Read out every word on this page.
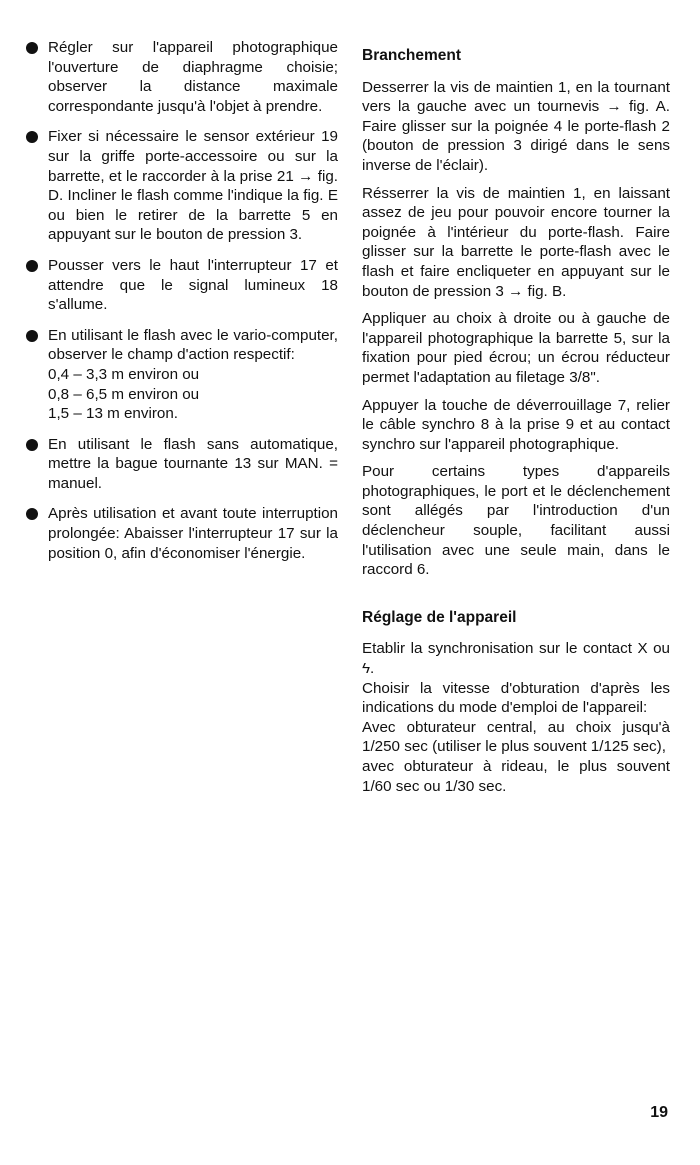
Régler sur l'appareil photographique l'ouverture de diaphragme choisie; observer la distance maximale correspondante jusqu'à l'objet à prendre.
Fixer si nécessaire le sensor extérieur 19 sur la griffe porte-accessoire ou sur la barrette, et le raccorder à la prise 21 → fig. D. Incliner le flash comme l'indique la fig. E ou bien le retirer de la barrette 5 en appuyant sur le bouton de pression 3.
Pousser vers le haut l'interrupteur 17 et attendre que le signal lumineux 18 s'allume.
En utilisant le flash avec le vario-computer, observer le champ d'action respectif:
0,4 – 3,3 m environ ou
0,8 – 6,5 m environ ou
1,5 – 13 m environ.
En utilisant le flash sans automatique, mettre la bague tournante 13 sur MAN. = manuel.
Après utilisation et avant toute interruption prolongée: Abaisser l'interrupteur 17 sur la position 0, afin d'économiser l'énergie.
Branchement

Desserrer la vis de maintien 1, en la tournant vers la gauche avec un tournevis → fig. A. Faire glisser sur la poignée 4 le porte-flash 2 (bouton de pression 3 dirigé dans le sens inverse de l'éclair).

Résserrer la vis de maintien 1, en laissant assez de jeu pour pouvoir encore tourner la poignée à l'intérieur du porte-flash. Faire glisser sur la barrette le porte-flash avec le flash et faire encliqueter en appuyant sur le bouton de pression 3 → fig. B.

Appliquer au choix à droite ou à gauche de l'appareil photographique la barrette 5, sur la fixation pour pied écrou; un écrou réducteur permet l'adaptation au filetage 3/8".

Appuyer la touche de déverrouillage 7, relier le câble synchro 8 à la prise 9 et au contact synchro sur l'appareil photographique.

Pour certains types d'appareils photographiques, le port et le déclenchement sont allégés par l'introduction d'un déclencheur souple, facilitant aussi l'utilisation avec une seule main, dans le raccord 6.

Réglage de l'appareil

Etablir la synchronisation sur le contact X ou ϟ.

Choisir la vitesse d'obturation d'après les indications du mode d'emploi de l'appareil:

Avec obturateur central, au choix jusqu'à 1/250 sec (utiliser le plus souvent 1/125 sec),

avec obturateur à rideau, le plus souvent 1/60 sec ou 1/30 sec.

19
